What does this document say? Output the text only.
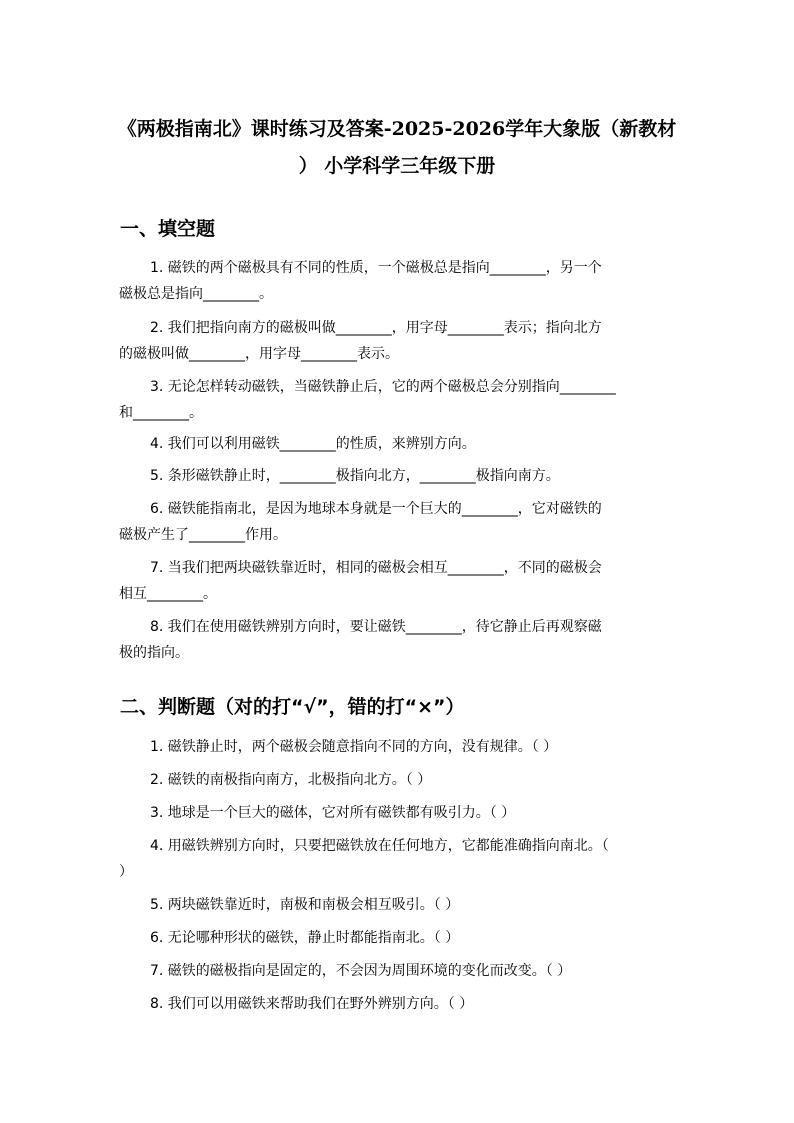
《两极指南北》课时练习及答案-2025-2026学年大象版（新教材
） 小学科学三年级下册
一、填空题
1. 磁铁的两个磁极具有不同的性质，一个磁极总是指向________，另一个
磁极总是指向________。
2. 我们把指向南方的磁极叫做________，用字母________表示；指向北方
的磁极叫做________，用字母________表示。
3. 无论怎样转动磁铁，当磁铁静止后，它的两个磁极总会分别指向________
和________。
4. 我们可以利用磁铁________的性质，来辨别方向。
5. 条形磁铁静止时，________极指向北方，________极指向南方。
6. 磁铁能指南北，是因为地球本身就是一个巨大的________，它对磁铁的
磁极产生了________作用。
7. 当我们把两块磁铁靠近时，相同的磁极会相互________，不同的磁极会
相互________。
8. 我们在使用磁铁辨别方向时，要让磁铁________，待它静止后再观察磁
极的指向。
二、判断题（对的打“√”，错的打“×”）
1. 磁铁静止时，两个磁极会随意指向不同的方向，没有规律。（ ）
2. 磁铁的南极指向南方，北极指向北方。（ ）
3. 地球是一个巨大的磁体，它对所有磁铁都有吸引力。（ ）
4. 用磁铁辨别方向时，只要把磁铁放在任何地方，它都能准确指向南北。（
）
5. 两块磁铁靠近时，南极和南极会相互吸引。（ ）
6. 无论哪种形状的磁铁，静止时都能指南北。（ ）
7. 磁铁的磁极指向是固定的，不会因为周围环境的变化而改变。（ ）
8. 我们可以用磁铁来帮助我们在野外辨别方向。（ ）
